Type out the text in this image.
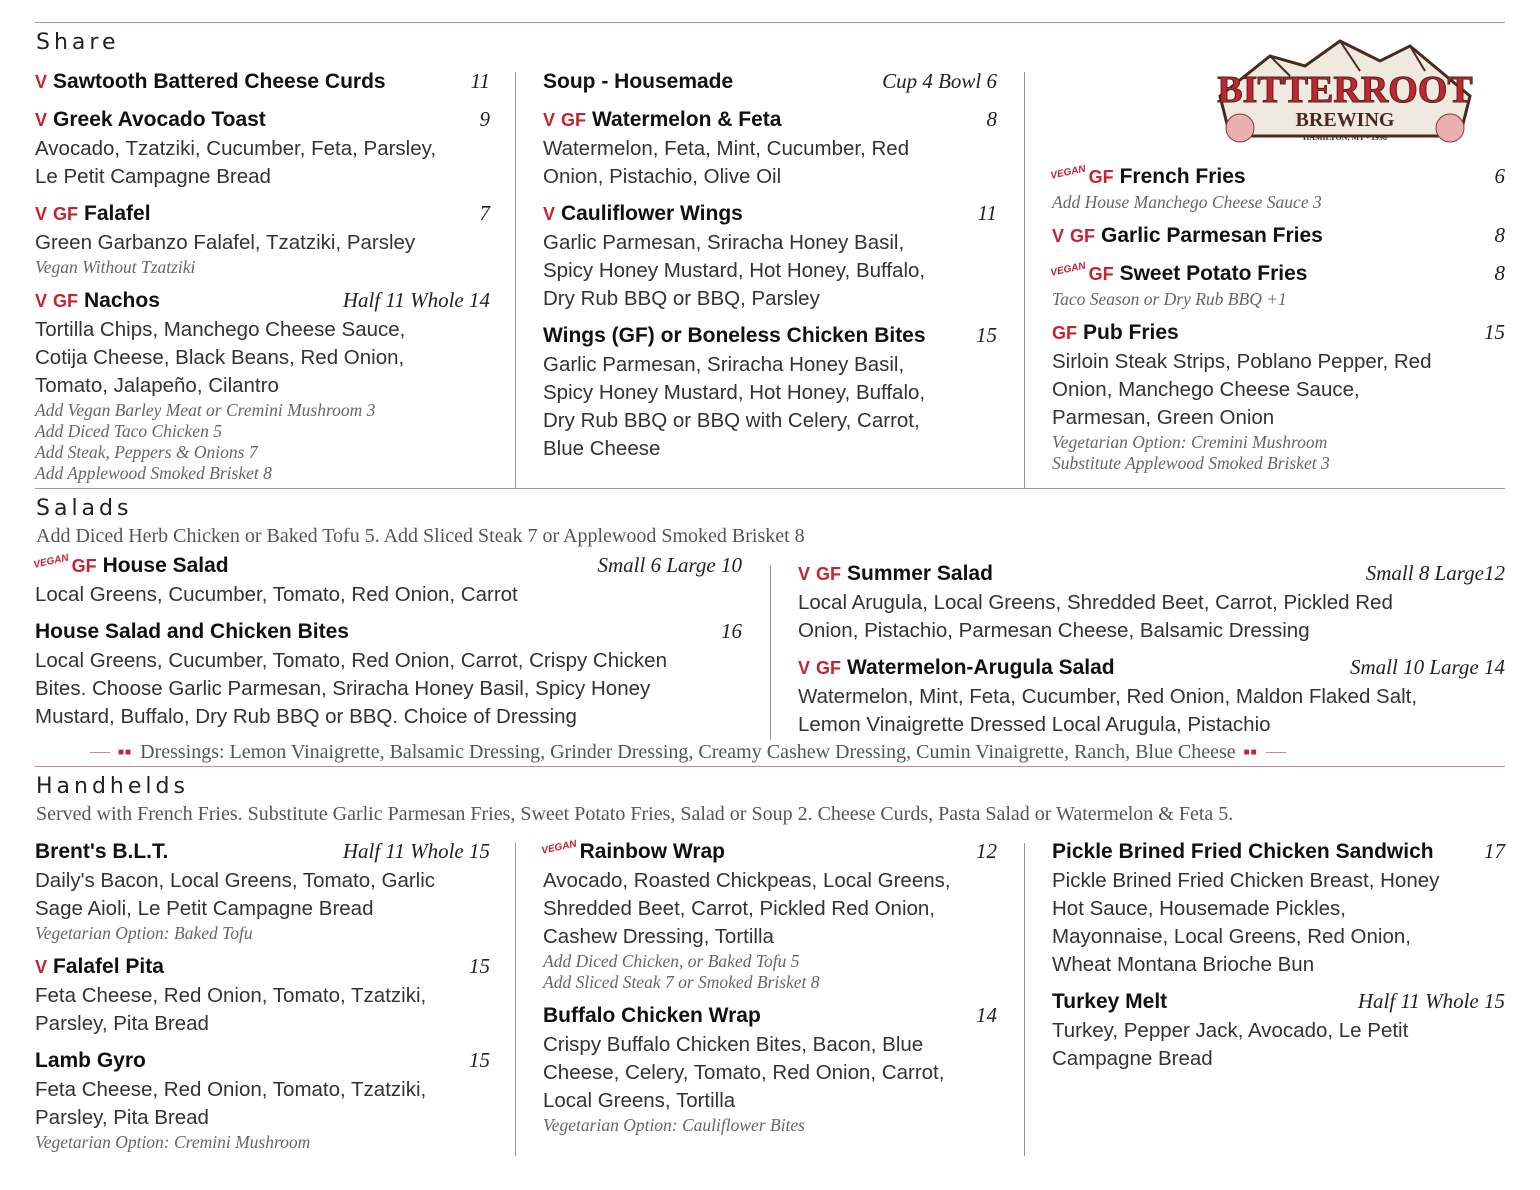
Share
BITTERROOT
BREWING
HAMILTON, MT • 1998
V Sawtooth Battered Cheese Curds	11
V Greek Avocado Toast	9
Avocado, Tzatziki, Cucumber, Feta, Parsley,
Le Petit Campagne Bread
V GF Falafel	7
Green Garbanzo Falafel, Tzatziki, Parsley
Vegan Without Tzatziki
V GF Nachos	Half 11 Whole 14
Tortilla Chips, Manchego Cheese Sauce,
Cotija Cheese, Black Beans, Red Onion,
Tomato, Jalapeño, Cilantro
Add Vegan Barley Meat or Cremini Mushroom 3
Add Diced Taco Chicken 5
Add Steak, Peppers & Onions 7
Add Applewood Smoked Brisket 8
Soup - Housemade	Cup 4 Bowl 6
V GF Watermelon & Feta	8
Watermelon, Feta, Mint, Cucumber, Red
Onion, Pistachio, Olive Oil
V Cauliflower Wings	11
Garlic Parmesan, Sriracha Honey Basil,
Spicy Honey Mustard, Hot Honey, Buffalo,
Dry Rub BBQ or BBQ, Parsley
Wings (GF) or Boneless Chicken Bites 15
Garlic Parmesan, Sriracha Honey Basil,
Spicy Honey Mustard, Hot Honey, Buffalo,
Dry Rub BBQ or BBQ with Celery, Carrot,
Blue Cheese
VEGAN GF French Fries	6
Add House Manchego Cheese Sauce 3
V GF Garlic Parmesan Fries	8
VEGAN GF Sweet Potato Fries	8
Taco Season or Dry Rub BBQ +1
GF Pub Fries	15
Sirloin Steak Strips, Poblano Pepper, Red
Onion, Manchego Cheese Sauce,
Parmesan, Green Onion
Vegetarian Option: Cremini Mushroom
Substitute Applewood Smoked Brisket 3
Salads
Add Diced Herb Chicken or Baked Tofu 5. Add Sliced Steak 7 or Applewood Smoked Brisket 8
VEGAN GF House Salad	Small 6 Large 10
Local Greens, Cucumber, Tomato, Red Onion, Carrot
House Salad and Chicken Bites	16
Local Greens, Cucumber, Tomato, Red Onion, Carrot, Crispy Chicken
Bites. Choose Garlic Parmesan, Sriracha Honey Basil, Spicy Honey
Mustard, Buffalo, Dry Rub BBQ or BBQ. Choice of Dressing
V GF Summer Salad	Small 8 Large12
Local Arugula, Local Greens, Shredded Beet, Carrot, Pickled Red
Onion, Pistachio, Parmesan Cheese, Balsamic Dressing
V GF Watermelon-Arugula Salad	Small 10 Large 14
Watermelon, Mint, Feta, Cucumber, Red Onion, Maldon Flaked Salt,
Lemon Vinaigrette Dressed Local Arugula, Pistachio
■■ Dressings: Lemon Vinaigrette, Balsamic Dressing, Grinder Dressing, Creamy Cashew Dressing, Cumin Vinaigrette, Ranch, Blue Cheese ■■
Handhelds
Served with French Fries. Substitute Garlic Parmesan Fries, Sweet Potato Fries, Salad or Soup 2. Cheese Curds, Pasta Salad or Watermelon & Feta 5.
Brent's B.L.T.	Half 11 Whole 15
Daily's Bacon, Local Greens, Tomato, Garlic
Sage Aioli, Le Petit Campagne Bread
Vegetarian Option: Baked Tofu
V Falafel Pita	15
Feta Cheese, Red Onion, Tomato, Tzatziki,
Parsley, Pita Bread
Lamb Gyro	15
Feta Cheese, Red Onion, Tomato, Tzatziki,
Parsley, Pita Bread
Vegetarian Option: Cremini Mushroom
VEGANRainbow Wrap	12
Avocado, Roasted Chickpeas, Local Greens,
Shredded Beet, Carrot, Pickled Red Onion,
Cashew Dressing, Tortilla
Add Diced Chicken, or Baked Tofu 5
Add Sliced Steak 7 or Smoked Brisket 8
Buffalo Chicken Wrap	14
Crispy Buffalo Chicken Bites, Bacon, Blue
Cheese, Celery, Tomato, Red Onion, Carrot,
Local Greens, Tortilla
Vegetarian Option: Cauliflower Bites
Pickle Brined Fried Chicken Sandwich 17
Pickle Brined Fried Chicken Breast, Honey
Hot Sauce, Housemade Pickles,
Mayonnaise, Local Greens, Red Onion,
Wheat Montana Brioche Bun
Turkey Melt	Half 11 Whole 15
Turkey, Pepper Jack, Avocado, Le Petit
Campagne Bread
